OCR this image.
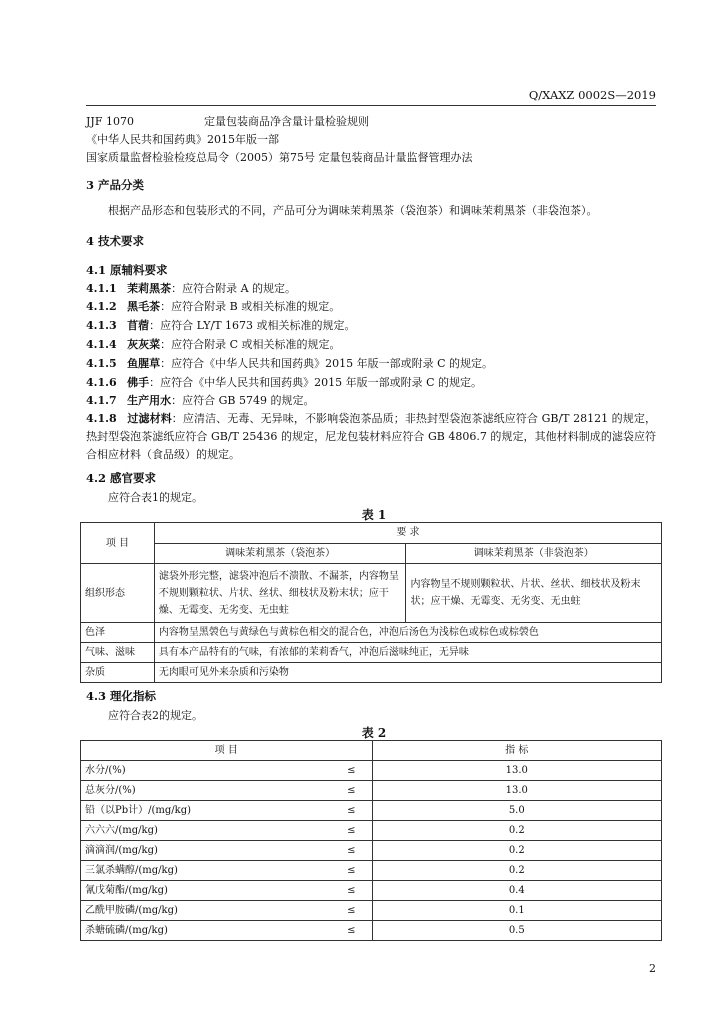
Q/XAXZ 0002S—2019
JJF 1070	定量包装商品净含量计量检验规则
《中华人民共和国药典》2015年版一部
国家质量监督检验检疫总局令（2005）第75号 定量包装商品计量监督管理办法
3 产品分类
根据产品形态和包装形式的不同，产品可分为调味茉莉黑茶（袋泡茶）和调味茉莉黑茶（非袋泡茶）。
4 技术要求
4.1 原辅料要求
4.1.1 茉莉黑茶：应符合附录 A 的规定。
4.1.2 黑毛茶：应符合附录 B 或相关标准的规定。
4.1.3 苜蓿：应符合 LY/T 1673 或相关标准的规定。
4.1.4 灰灰菜：应符合附录 C 或相关标准的规定。
4.1.5 鱼腥草：应符合《中华人民共和国药典》2015 年版一部或附录 C 的规定。
4.1.6 佛手：应符合《中华人民共和国药典》2015 年版一部或附录 C 的规定。
4.1.7 生产用水：应符合 GB 5749 的规定。
4.1.8 过滤材料：应清洁、无毒、无异味，不影响袋泡茶品质；非热封型袋泡茶滤纸应符合 GB/T 28121 的规定，热封型袋泡茶滤纸应符合 GB/T 25436 的规定，尼龙包装材料应符合 GB 4806.7 的规定，其他材料制成的滤袋应符合相应材料（食品级）的规定。
4.2 感官要求
应符合表1的规定。
表 1
项 目	要 求	
	调味茉莉黑茶（袋泡茶）	调味茉莉黑茶（非袋泡茶）
组织形态	滤袋外形完整，滤袋冲泡后不溃散、不漏茶，内容物呈不规则颗粒状、片状、丝状、细枝状及粉末状；应干燥、无霉变、无劣变、无虫蛀	内容物呈不规则颗粒状、片状、丝状、细枝状及粉末状；应干燥、无霉变、无劣变、无虫蛀
色泽	内容物呈黑褮色与黄绿色与黄棕色相交的混合色，冲泡后汤色为浅棕色或棕色或棕褮色	
气味、滋味	具有本产品特有的气味，有浓郁的茉莉香气，冲泡后滋味纯正，无异味	
杂质	无肉眼可见外来杂质和污染物	
4.3 理化指标
应符合表2的规定。
表 2
项 目	指 标
水分/(%) ≤	13.0
总灰分/(%) ≤	13.0
铅（以Pb计）/(mg/kg) ≤	5.0
六六六/(mg/kg) ≤	0.2
滴滴润/(mg/kg) ≤	0.2
三氯杀螨醇/(mg/kg) ≤	0.2
氰戊菊酯/(mg/kg) ≤	0.4
乙酰甲胺磷/(mg/kg) ≤	0.1
杀螗硫磷/(mg/kg) ≤	0.5
2
